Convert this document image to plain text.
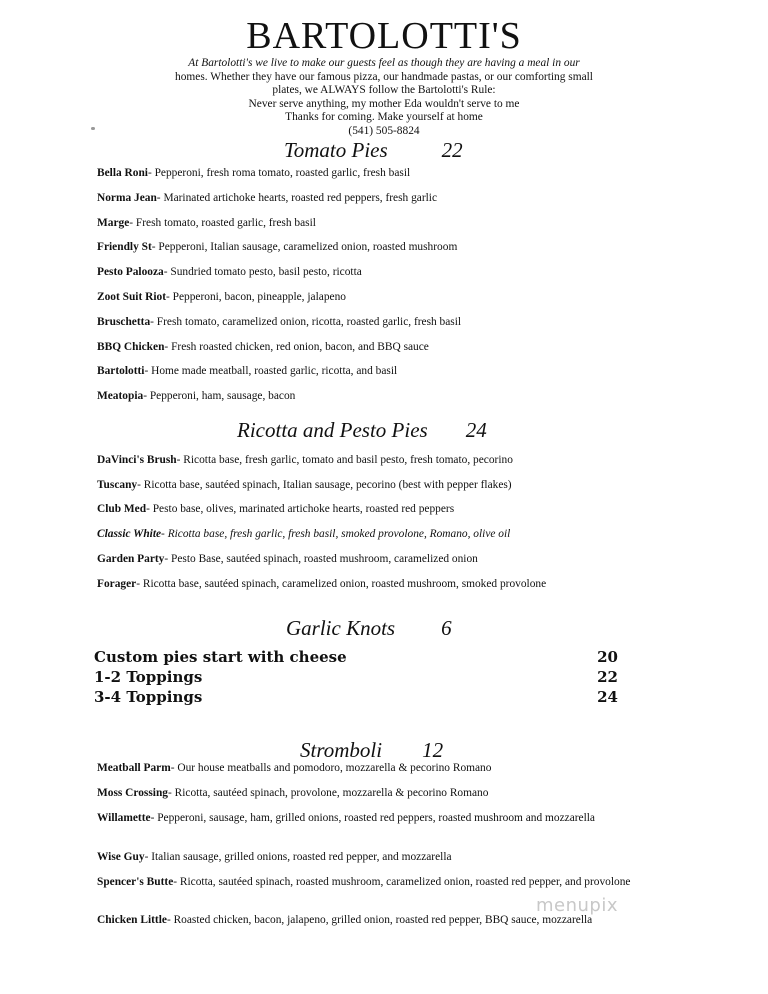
BARTOLOTTI'S
At Bartolotti's we live to make our guests feel as though they are having a meal in our
homes. Whether they have our famous pizza, our handmade pastas, or our comforting small
plates, we ALWAYS follow the Bartolotti's Rule:
Never serve anything, my mother Eda wouldn't serve to me
Thanks for coming. Make yourself at home
(541) 505-8824
Tomato Pies	22
Bella Roni- Pepperoni, fresh roma tomato, roasted garlic, fresh basil
Norma Jean- Marinated artichoke hearts, roasted red peppers, fresh garlic
Marge- Fresh tomato, roasted garlic, fresh basil
Friendly St- Pepperoni, Italian sausage, caramelized onion, roasted mushroom
Pesto Palooza- Sundried tomato pesto, basil pesto, ricotta
Zoot Suit Riot- Pepperoni, bacon, pineapple, jalapeno
Bruschetta- Fresh tomato, caramelized onion, ricotta, roasted garlic, fresh basil
BBQ Chicken- Fresh roasted chicken, red onion, bacon, and BBQ sauce
Bartolotti- Home made meatball, roasted garlic, ricotta, and basil
Meatopia- Pepperoni, ham, sausage, bacon
Ricotta and Pesto Pies 24
DaVinci's Brush- Ricotta base, fresh garlic, tomato and basil pesto, fresh tomato, pecorino
Tuscany- Ricotta base, sautéed spinach, Italian sausage, pecorino (best with pepper flakes)
Club Med- Pesto base, olives, marinated artichoke hearts, roasted red peppers
Classic White- Ricotta base, fresh garlic, fresh basil, smoked provolone, Romano, olive oil
Garden Party- Pesto Base, sautéed spinach, roasted mushroom, caramelized onion
Forager- Ricotta base, sautéed spinach, caramelized onion, roasted mushroom, smoked provolone
Garlic Knots 6
Custom pies start with cheese	20
1-2 Toppings	22
3-4 Toppings	24
Stromboli 12
Meatball Parm- Our house meatballs and pomodoro, mozzarella & pecorino Romano
Moss Crossing- Ricotta, sautéed spinach, provolone, mozzarella & pecorino Romano
Willamette- Pepperoni, sausage, ham, grilled onions, roasted red peppers, roasted mushroom and mozzarella
Wise Guy- Italian sausage, grilled onions, roasted red pepper, and mozzarella
Spencer's Butte- Ricotta, sautéed spinach, roasted mushroom, caramelized onion, roasted red pepper, and provolone
Chicken Little- Roasted chicken, bacon, jalapeno, grilled onion, roasted red pepper, BBQ sauce, mozzarella
menupix
